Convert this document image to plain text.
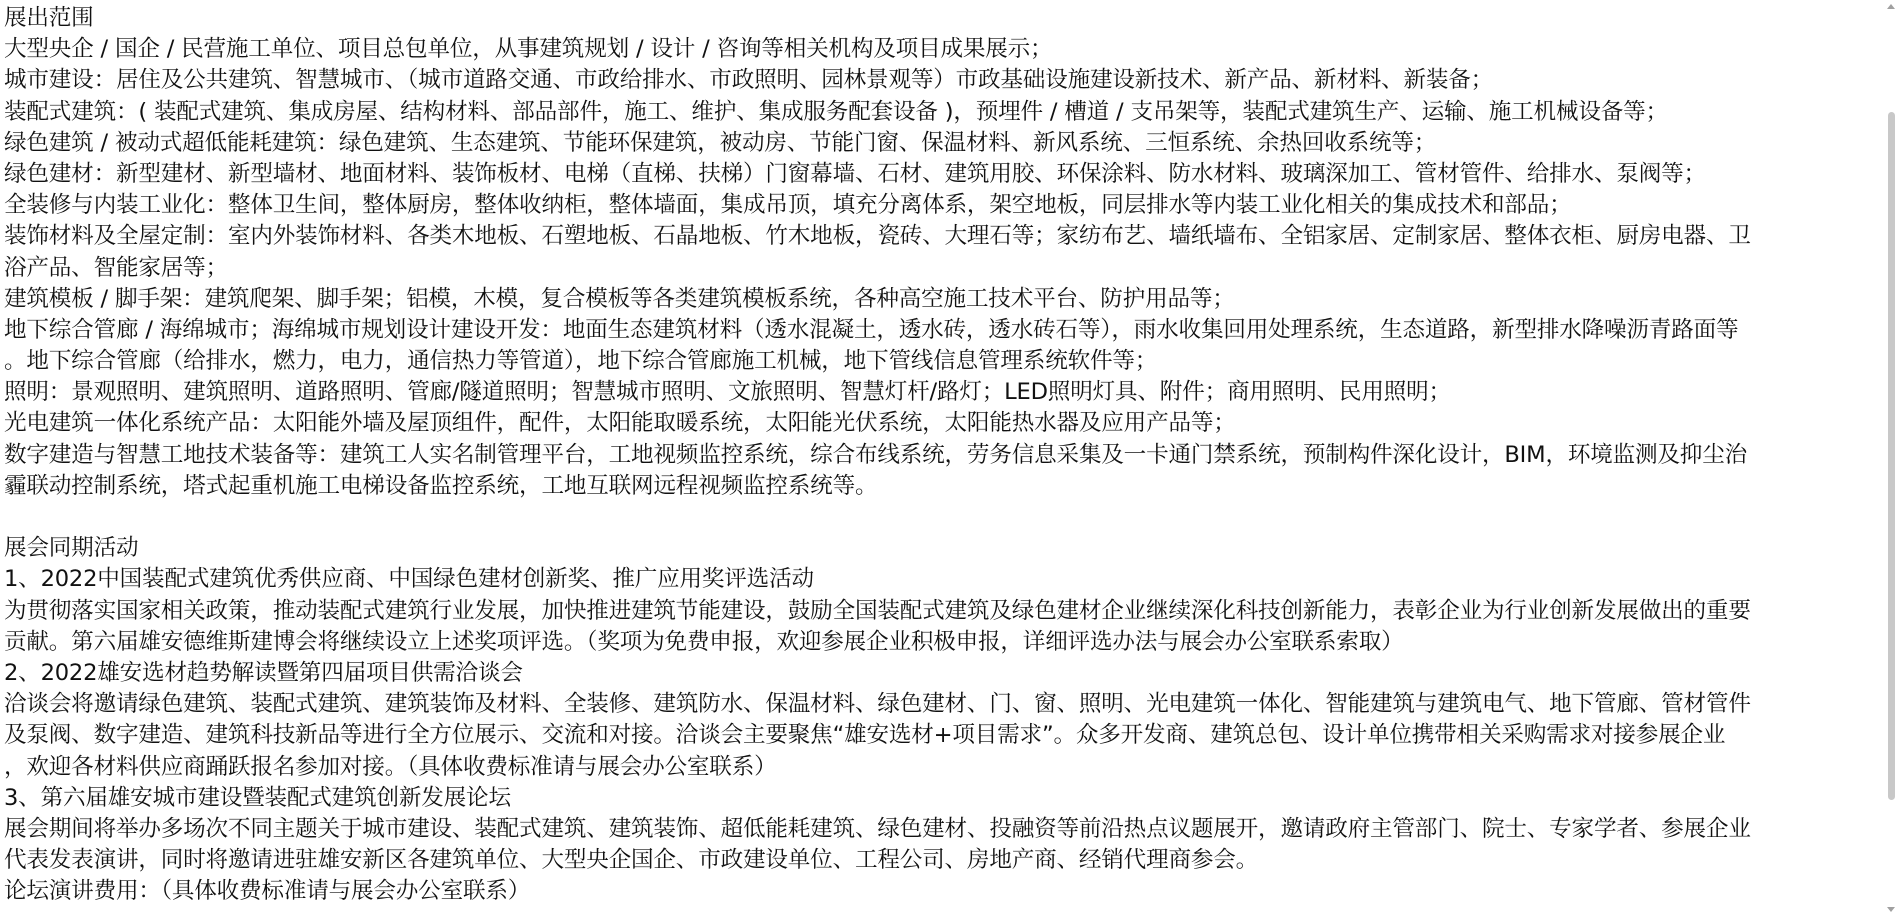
展出范围
大型央企 / 国企 / 民营施工单位、项目总包单位，从事建筑规划 / 设计 / 咨询等相关机构及项目成果展示；
城市建设：居住及公共建筑、智慧城市、（城市道路交通、市政给排水、市政照明、园林景观等）市政基础设施建设新技术、新产品、新材料、新装备；
装配式建筑：( 装配式建筑、集成房屋、结构材料、部品部件，施工、维护、集成服务配套设备 )，预埋件 / 槽道 / 支吊架等，装配式建筑生产、运输、施工机械设备等；
绿色建筑 / 被动式超低能耗建筑：绿色建筑、生态建筑、节能环保建筑，被动房、节能门窗、保温材料、新风系统、三恒系统、余热回收系统等；
绿色建材：新型建材、新型墙材、地面材料、装饰板材、电梯（直梯、扶梯）门窗幕墙、石材、建筑用胶、环保涂料、防水材料、玻璃深加工、管材管件、给排水、泵阀等；
全装修与内装工业化：整体卫生间，整体厨房，整体收纳柜，整体墙面，集成吊顶，填充分离体系，架空地板，同层排水等内装工业化相关的集成技术和部品；
装饰材料及全屋定制：室内外装饰材料、各类木地板、石塑地板、石晶地板、竹木地板，瓷砖、大理石等；家纺布艺、墙纸墙布、全铝家居、定制家居、整体衣柜、厨房电器、卫
浴产品、智能家居等；
建筑模板 / 脚手架：建筑爬架、脚手架；铝模，木模，复合模板等各类建筑模板系统，各种高空施工技术平台、防护用品等；
地下综合管廊 / 海绵城市；海绵城市规划设计建设开发：地面生态建筑材料（透水混凝土，透水砖，透水砖石等），雨水收集回用处理系统，生态道路，新型排水降噪沥青路面等
。地下综合管廊（给排水，燃力，电力，通信热力等管道），地下综合管廊施工机械，地下管线信息管理系统软件等；
照明：景观照明、建筑照明、道路照明、管廊/隧道照明；智慧城市照明、文旅照明、智慧灯杆/路灯；LED照明灯具、附件；商用照明、民用照明；
光电建筑一体化系统产品：太阳能外墙及屋顶组件，配件，太阳能取暖系统，太阳能光伏系统，太阳能热水器及应用产品等；
数字建造与智慧工地技术装备等：建筑工人实名制管理平台，工地视频监控系统，综合布线系统，劳务信息采集及一卡通门禁系统，预制构件深化设计，BIM，环境监测及抑尘治
霾联动控制系统，塔式起重机施工电梯设备监控系统，工地互联网远程视频监控系统等。
展会同期活动
1、2022中国装配式建筑优秀供应商、中国绿色建材创新奖、推广应用奖评选活动
为贯彻落实国家相关政策，推动装配式建筑行业发展，加快推进建筑节能建设，鼓励全国装配式建筑及绿色建材企业继续深化科技创新能力，表彰企业为行业创新发展做出的重要
贡献。第六届雄安德维斯建博会将继续设立上述奖项评选。（奖项为免费申报，欢迎参展企业积极申报，详细评选办法与展会办公室联系索取）
2、2022雄安选材趋势解读暨第四届项目供需洽谈会
洽谈会将邀请绿色建筑、装配式建筑、建筑装饰及材料、全装修、建筑防水、保温材料、绿色建材、门、窗、照明、光电建筑一体化、智能建筑与建筑电气、地下管廊、管材管件
及泵阀、数字建造、建筑科技新品等进行全方位展示、交流和对接。洽谈会主要聚焦“雄安选材+项目需求”。众多开发商、建筑总包、设计单位携带相关采购需求对接参展企业
，欢迎各材料供应商踊跃报名参加对接。（具体收费标准请与展会办公室联系）
3、第六届雄安城市建设暨装配式建筑创新发展论坛
展会期间将举办多场次不同主题关于城市建设、装配式建筑、建筑装饰、超低能耗建筑、绿色建材、投融资等前沿热点议题展开，邀请政府主管部门、院士、专家学者、参展企业
代表发表演讲，同时将邀请进驻雄安新区各建筑单位、大型央企国企、市政建设单位、工程公司、房地产商、经销代理商参会。
论坛演讲费用：（具体收费标准请与展会办公室联系）
